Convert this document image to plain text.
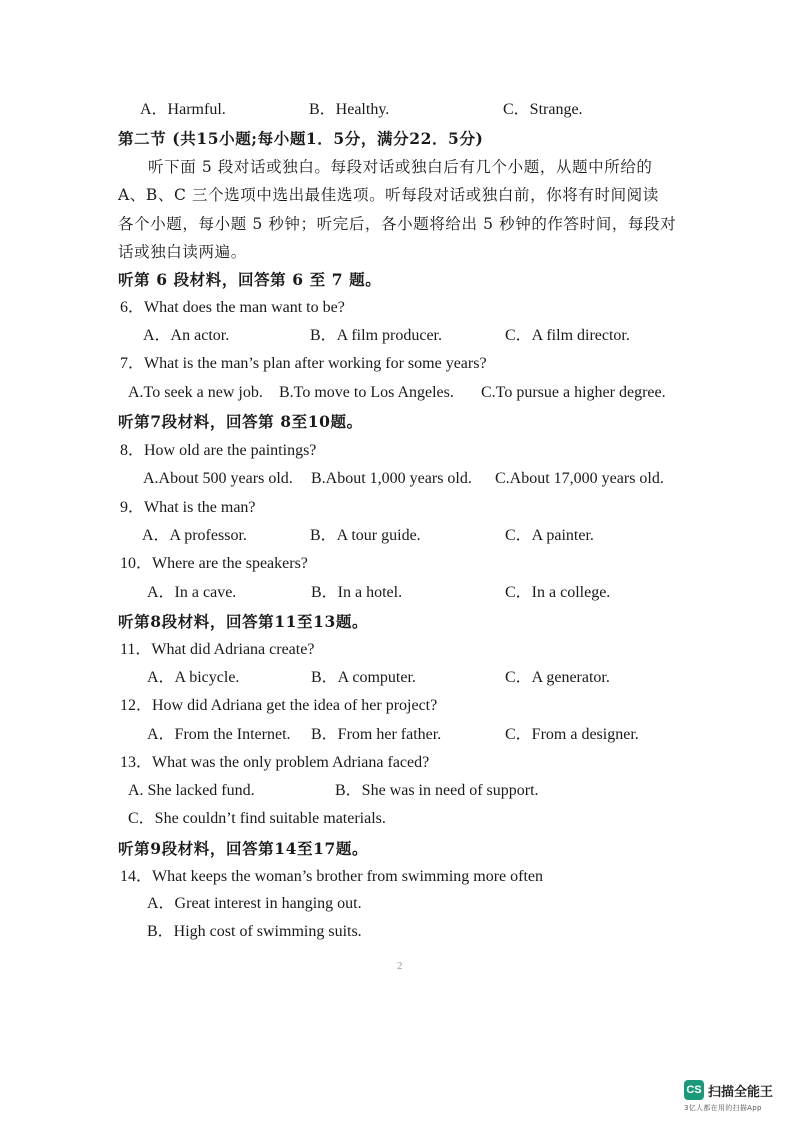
A．Harmful.	B．Healthy.	C．Strange.
第二节 (共15小题;每小题1．5分，满分22．5分)
听下面 5 段对话或独白。每段对话或独白后有几个小题，从题中所给的
A、B、C 三个选项中选出最佳选项。听每段对话或独白前，你将有时间阅读
各个小题，每小题 5 秒钟；听完后，各小题将给出 5 秒钟的作答时间，每段对
话或独白读两遍。
听第 6 段材料，回答第 6 至 7 题。
6．What does the man want to be?
A．An actor.	B．A film producer.	C．A film director.
7．What is the man’s plan after working for some years?
A.To seek a new job. B.To move to Los Angeles. C.To pursue a higher degree.
听第7段材料，回答第 8至10题。
8．How old are the paintings?
A.About 500 years old. B.About 1,000 years old. C.About 17,000 years old.
9．What is the man?
A．A professor.	B．A tour guide.	C．A painter.
10．Where are the speakers?
A．In a cave.	B．In a hotel.	C．In a college.
听第8段材料，回答第11至13题。
11．What did Adriana create?
A．A bicycle.	B．A computer.	C．A generator.
12．How did Adriana get the idea of her project?
A．From the Internet. B．From her father.	C．From a designer.
13．What was the only problem Adriana faced?
A. She lacked fund.	B．She was in need of support.
C．She couldn’t find suitable materials.
听第9段材料，回答第14至17题。
14．What keeps the woman’s brother from swimming more often
A．Great interest in hanging out.
B．High cost of swimming suits.
2
CS 扫描全能王
3亿人都在用的扫描App
